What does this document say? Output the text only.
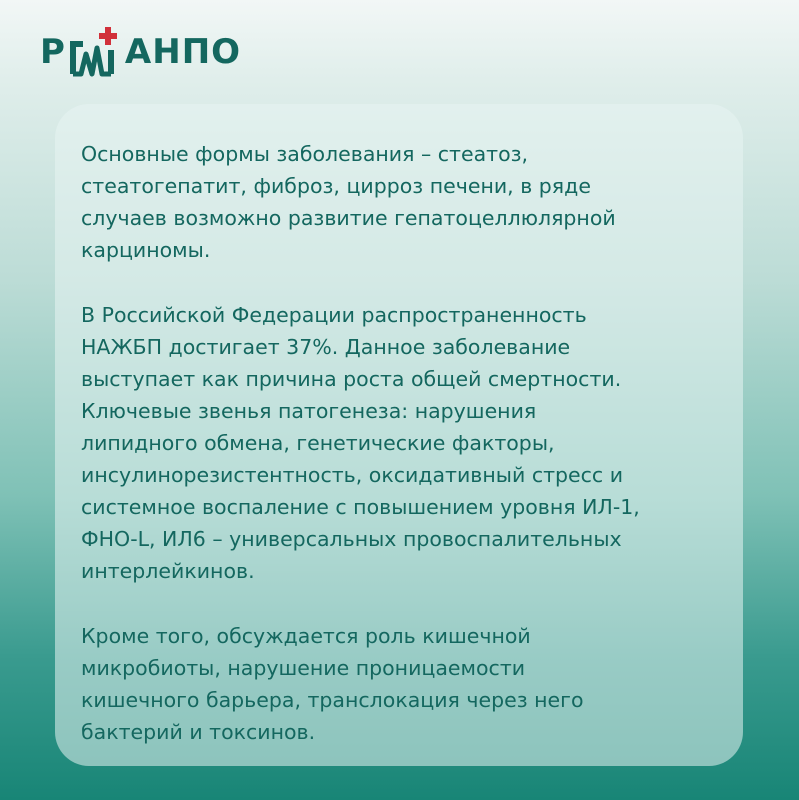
Р АНПО

Основные формы заболевания – стеатоз,
стеатогепатит, фиброз, цирроз печени, в ряде
случаев возможно развитие гепатоцеллюлярной
карциномы.

В Российской Федерации распространенность
НАЖБП достигает 37%. Данное заболевание
выступает как причина роста общей смертности.
Ключевые звенья патогенеза: нарушения
липидного обмена, генетические факторы,
инсулинорезистентность, оксидативный стресс и
системное воспаление с повышением уровня ИЛ-1,
ФНО-L, ИЛ6 – универсальных провоспалительных
интерлейкинов.

Кроме того, обсуждается роль кишечной
микробиоты, нарушение проницаемости
кишечного барьера, транслокация через него
бактерий и токсинов.
